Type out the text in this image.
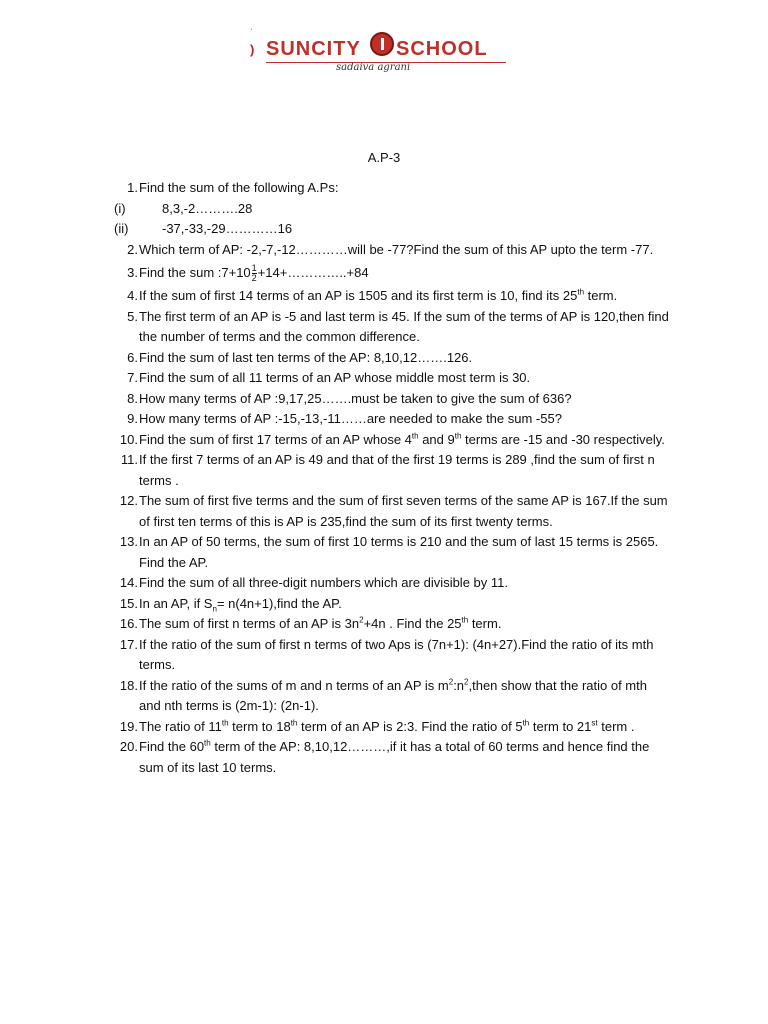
ˊ
) SUNCITY SCHOOL
sadaiva agrani
A.P-3
1. Find the sum of the following A.Ps:
(i)	8,3,-2……….28
(ii)	-37,-33,-29…………16
2. Which term of AP: -2,-7,-12…………will be -77?Find the sum of this AP upto the term -77.
3. Find the sum :7+10 $\frac{1}{2}$ +14+…………..+84
4. If the sum of first 14 terms of an AP is 1505 and its first term is 10, find its 25th term.
5. The first term of an AP is -5 and last term is 45. If the sum of the terms of AP is 120,then find the number of terms and the common difference.
6. Find the sum of last ten terms of the AP: 8,10,12…….126.
7. Find the sum of all 11 terms of an AP whose middle most term is 30.
8. How many terms of AP :9,17,25…….must be taken to give the sum of 636?
9. How many terms of AP :-15,-13,-11……are needed to make the sum -55?
10. Find the sum of first 17 terms of an AP whose 4th and 9th terms are -15 and -30 respectively.
11. If the first 7 terms of an AP is 49 and that of the first 19 terms is 289 ,find the sum of first n terms .
12. The sum of first five terms and the sum of first seven terms of the same AP is 167.If the sum of first ten terms of this is AP is 235,find the sum of its first twenty terms.
13. In an AP of 50 terms, the sum of first 10 terms is 210 and the sum of last 15 terms is 2565. Find the AP.
14. Find the sum of all three-digit numbers which are divisible by 11.
15. In an AP, if $S_n=$ n(4n+1),find the AP.
16. The sum of first n terms of an AP is $3n^2+4n$ . Find the 25th term.
17. If the ratio of the sum of first n terms of two Aps is (7n+1): (4n+27).Find the ratio of its mth terms.
18. If the ratio of the sums of m and n terms of an AP is $m^2:n^2,then$ show that the ratio of mth and nth terms is (2m-1): (2n-1).
19. The ratio of 11th term to 18th term of an AP is 2:3. Find the ratio of 5th term to 21st term .
20. Find the 60th term of the AP: 8,10,12………,if it has a total of 60 terms and hence find the sum of its last 10 terms.
